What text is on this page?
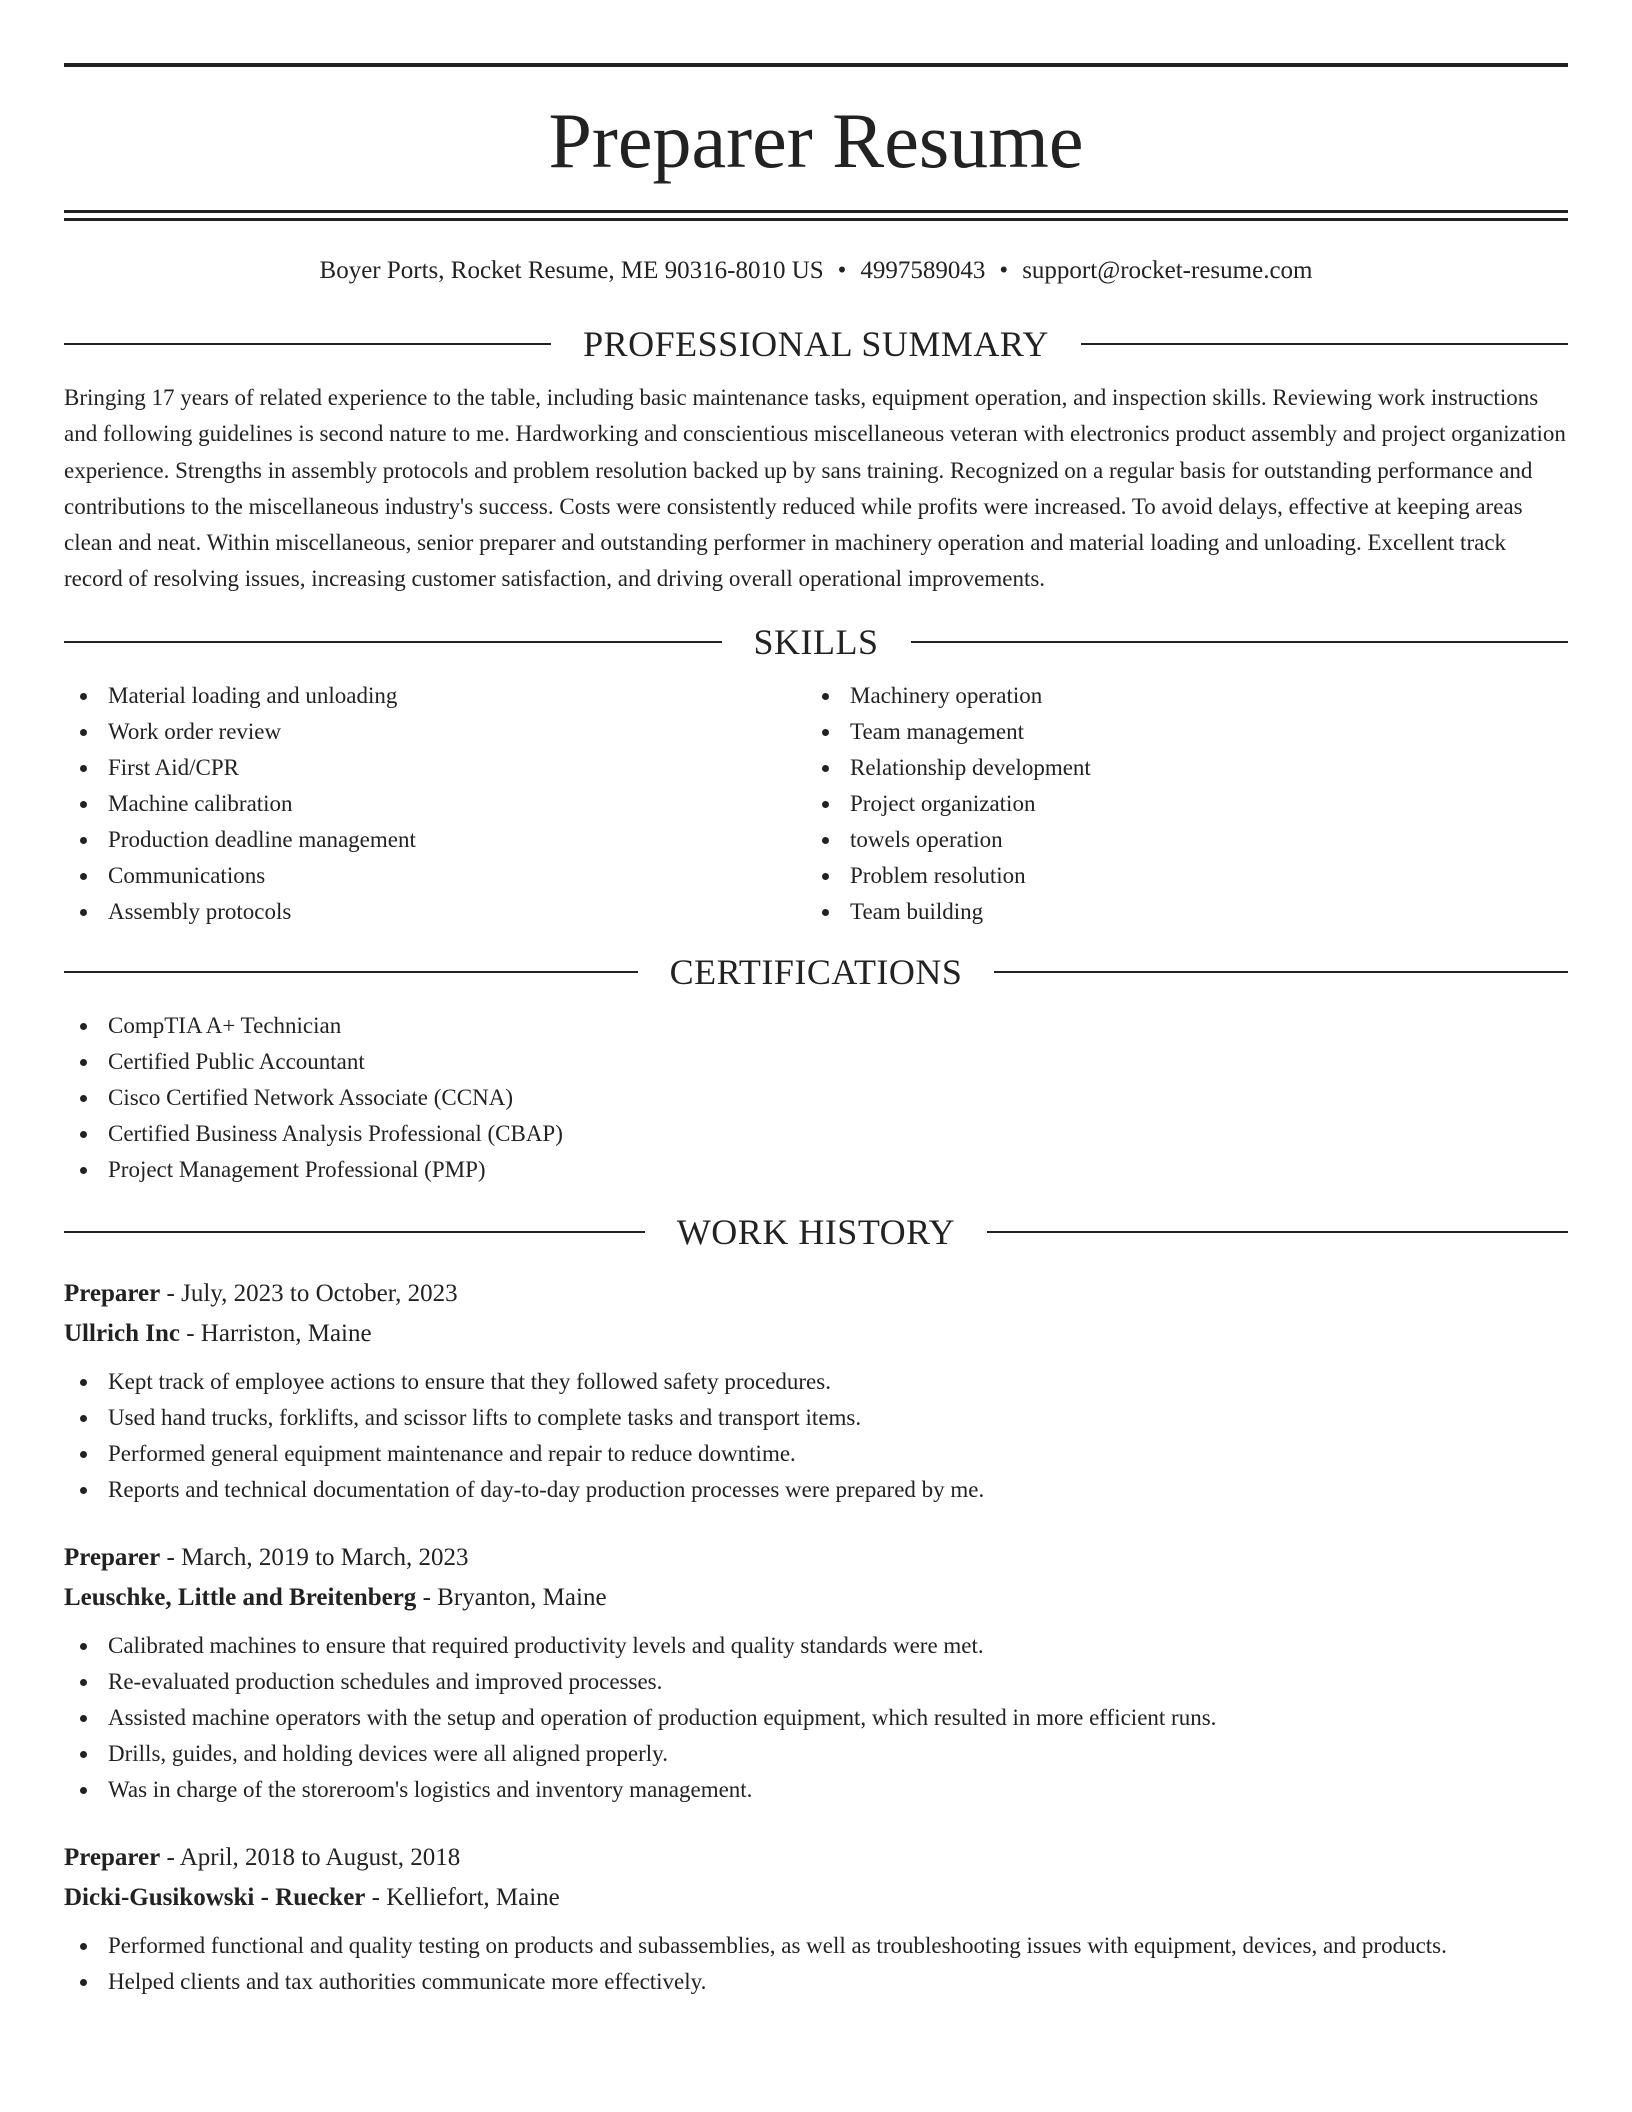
Preparer Resume
Boyer Ports, Rocket Resume, ME 90316-8010 US • 4997589043 • support@rocket-resume.com
PROFESSIONAL SUMMARY
Bringing 17 years of related experience to the table, including basic maintenance tasks, equipment operation, and inspection skills. Reviewing work instructions and following guidelines is second nature to me. Hardworking and conscientious miscellaneous veteran with electronics product assembly and project organization experience. Strengths in assembly protocols and problem resolution backed up by sans training. Recognized on a regular basis for outstanding performance and contributions to the miscellaneous industry's success. Costs were consistently reduced while profits were increased. To avoid delays, effective at keeping areas clean and neat. Within miscellaneous, senior preparer and outstanding performer in machinery operation and material loading and unloading. Excellent track record of resolving issues, increasing customer satisfaction, and driving overall operational improvements.
SKILLS
Material loading and unloading
Work order review
First Aid/CPR
Machine calibration
Production deadline management
Communications
Assembly protocols
Machinery operation
Team management
Relationship development
Project organization
towels operation
Problem resolution
Team building
CERTIFICATIONS
CompTIA A+ Technician
Certified Public Accountant
Cisco Certified Network Associate (CCNA)
Certified Business Analysis Professional (CBAP)
Project Management Professional (PMP)
WORK HISTORY
Preparer - July, 2023 to October, 2023
Ullrich Inc - Harriston, Maine
Kept track of employee actions to ensure that they followed safety procedures.
Used hand trucks, forklifts, and scissor lifts to complete tasks and transport items.
Performed general equipment maintenance and repair to reduce downtime.
Reports and technical documentation of day-to-day production processes were prepared by me.
Preparer - March, 2019 to March, 2023
Leuschke, Little and Breitenberg - Bryanton, Maine
Calibrated machines to ensure that required productivity levels and quality standards were met.
Re-evaluated production schedules and improved processes.
Assisted machine operators with the setup and operation of production equipment, which resulted in more efficient runs.
Drills, guides, and holding devices were all aligned properly.
Was in charge of the storeroom's logistics and inventory management.
Preparer - April, 2018 to August, 2018
Dicki-Gusikowski - Ruecker - Kelliefort, Maine
Performed functional and quality testing on products and subassemblies, as well as troubleshooting issues with equipment, devices, and products.
Helped clients and tax authorities communicate more effectively.
